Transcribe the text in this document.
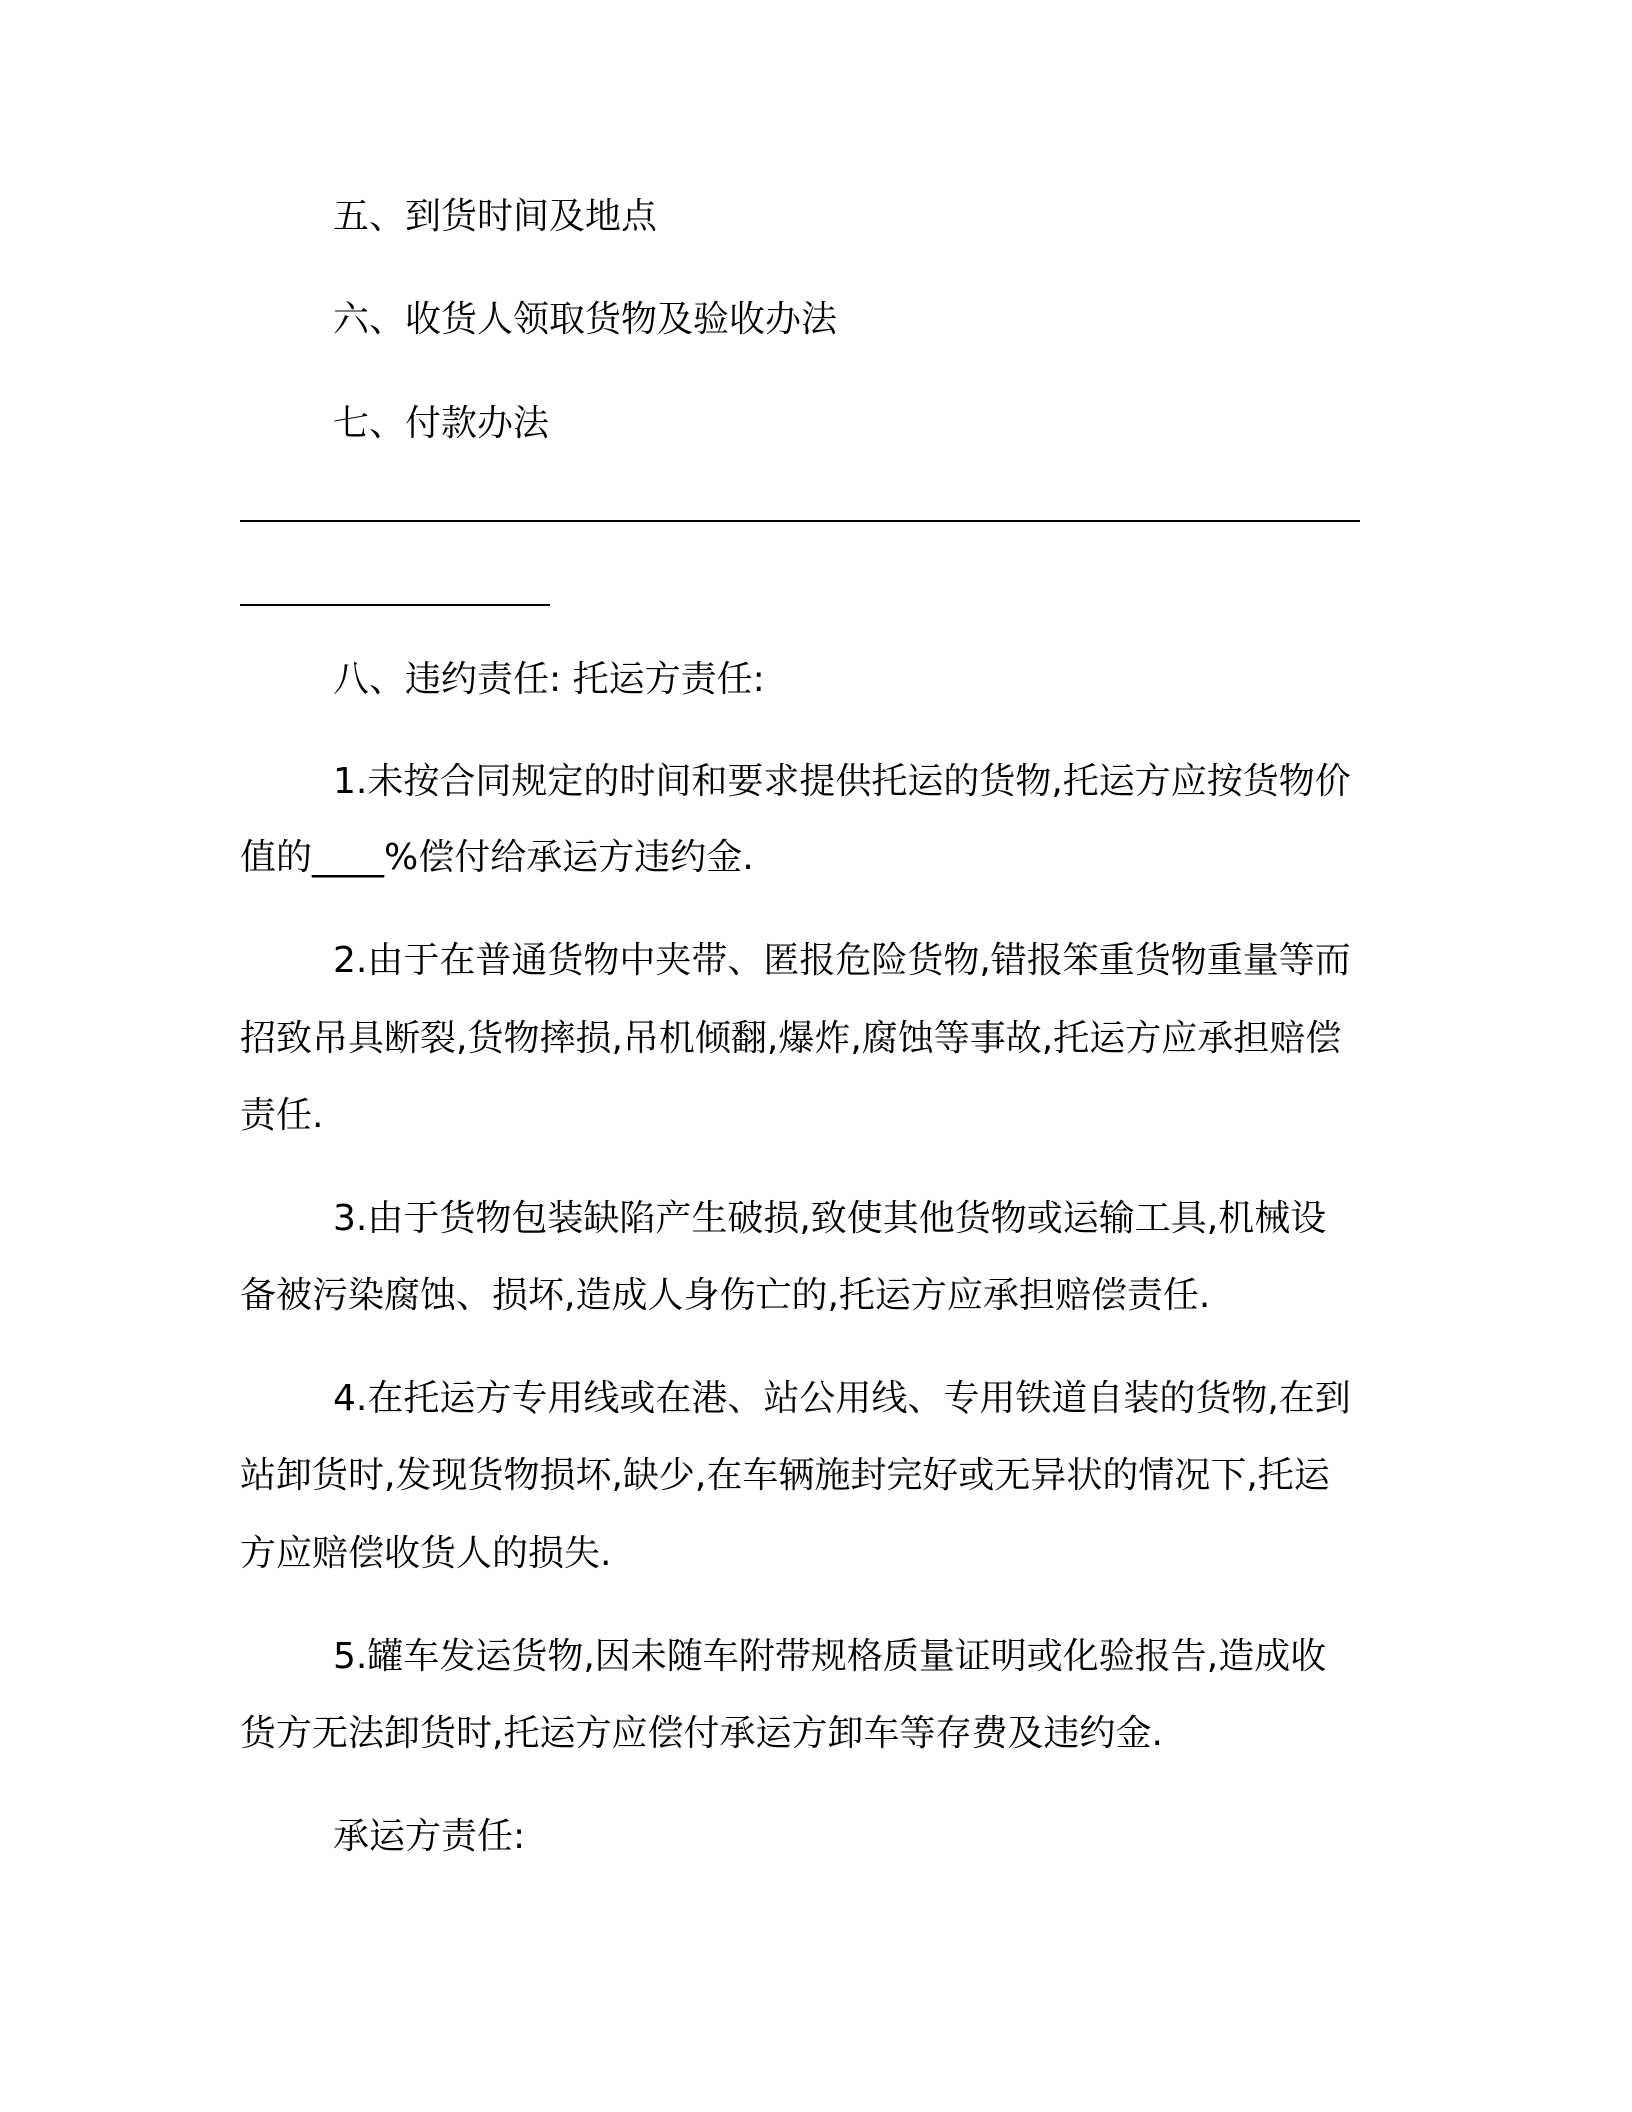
五、到货时间及地点
六、收货人领取货物及验收办法
七、付款办法
八、违约责任: 托运方责任:
1.未按合同规定的时间和要求提供托运的货物,托运方应按货物价
值的____%偿付给承运方违约金.
2.由于在普通货物中夹带、匿报危险货物,错报笨重货物重量等而
招致吊具断裂,货物摔损,吊机倾翻,爆炸,腐蚀等事故,托运方应承担赔偿
责任.
3.由于货物包装缺陷产生破损,致使其他货物或运输工具,机械设
备被污染腐蚀、损坏,造成人身伤亡的,托运方应承担赔偿责任.
4.在托运方专用线或在港、站公用线、专用铁道自装的货物,在到
站卸货时,发现货物损坏,缺少,在车辆施封完好或无异状的情况下,托运
方应赔偿收货人的损失.
5.罐车发运货物,因未随车附带规格质量证明或化验报告,造成收
货方无法卸货时,托运方应偿付承运方卸车等存费及违约金.
承运方责任:
